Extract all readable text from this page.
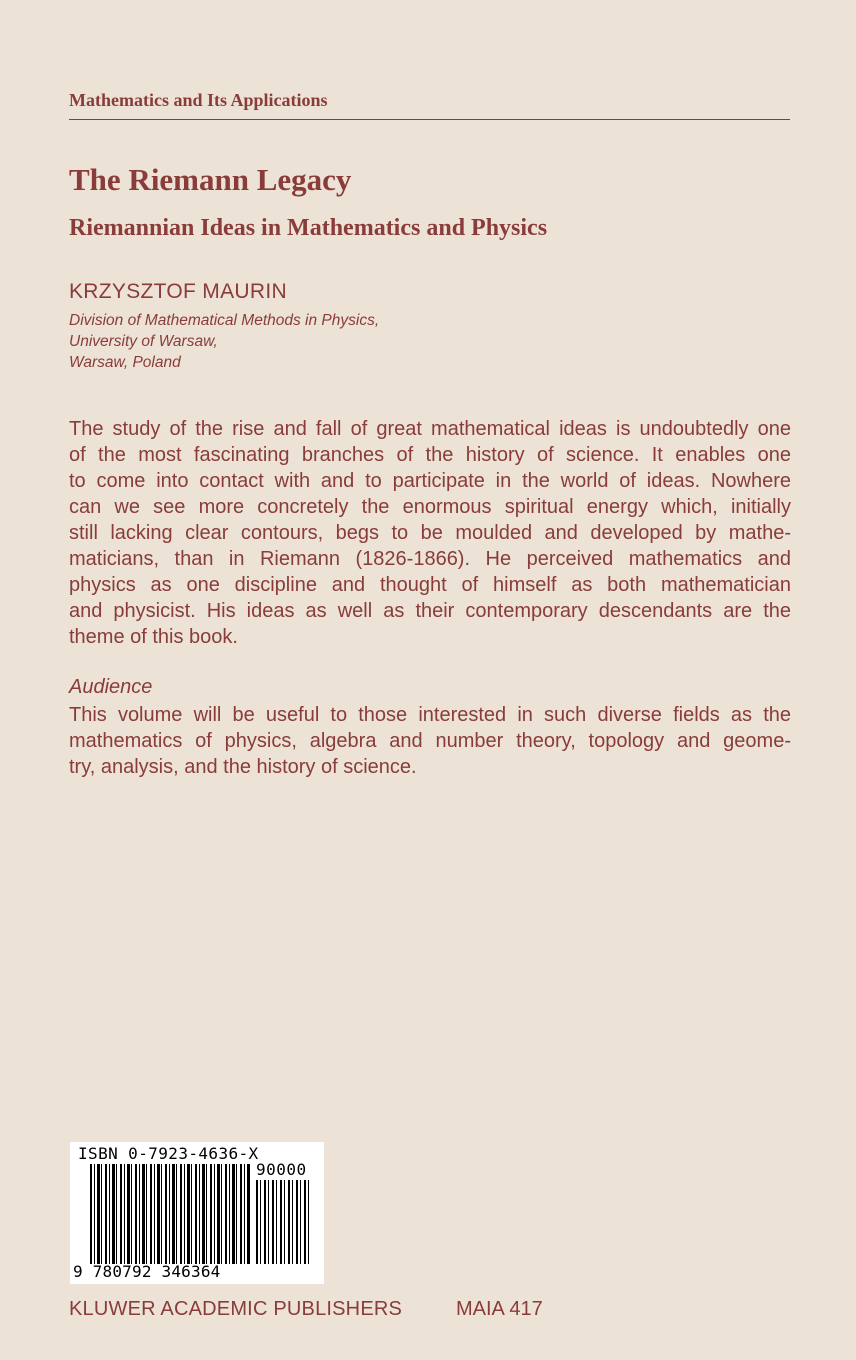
Mathematics and Its Applications
The Riemann Legacy
Riemannian Ideas in Mathematics and Physics
KRZYSZTOF MAURIN
Division of Mathematical Methods in Physics,
University of Warsaw,
Warsaw, Poland
The study of the rise and fall of great mathematical ideas is undoubtedly one
of the most fascinating branches of the history of science. It enables one
to come into contact with and to participate in the world of ideas. Nowhere
can we see more concretely the enormous spiritual energy which, initially
still lacking clear contours, begs to be moulded and developed by mathe-
maticians, than in Riemann (1826-1866). He perceived mathematics and
physics as one discipline and thought of himself as both mathematician
and physicist. His ideas as well as their contemporary descendants are the
theme of this book.
Audience
This volume will be useful to those interested in such diverse fields as the
mathematics of physics, algebra and number theory, topology and geome-
try, analysis, and the history of science.
ISBN 0-7923-4636-X
90000
9 780792 346364
KLUWER ACADEMIC PUBLISHERS	MAIA 417
